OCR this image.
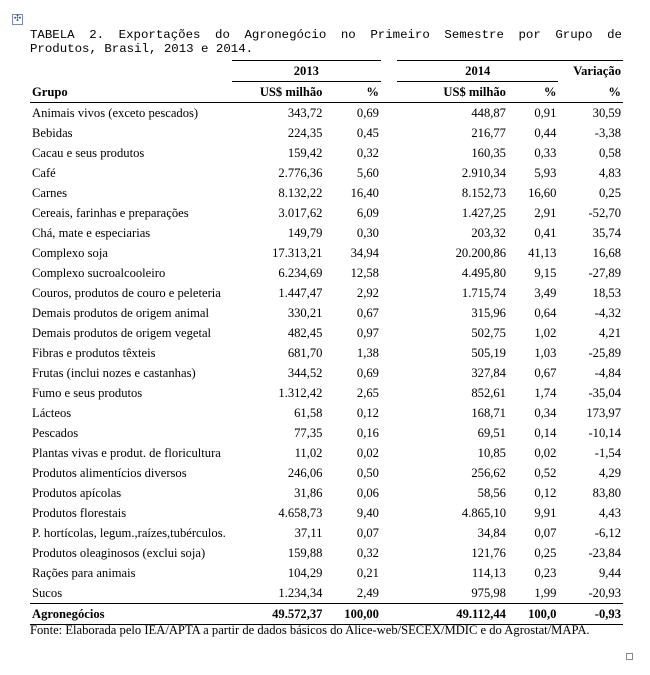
✣

TABELA 2. Exportações do Agronegócio no Primeiro Semestre por Grupo de Produtos, Brasil, 2013 e 2014.

	2013			2014		Variação
Grupo	US$ milhão	%		US$ milhão	%	%
Animais vivos (exceto pescados)	343,72	0,69		448,87	0,91	30,59
Bebidas	224,35	0,45		216,77	0,44	-3,38
Cacau e seus produtos	159,42	0,32		160,35	0,33	0,58
Café	2.776,36	5,60		2.910,34	5,93	4,83
Carnes	8.132,22	16,40		8.152,73	16,60	0,25
Cereais, farinhas e preparações	3.017,62	6,09		1.427,25	2,91	-52,70
Chá, mate e especiarias	149,79	0,30		203,32	0,41	35,74
Complexo soja	17.313,21	34,94		20.200,86	41,13	16,68
Complexo sucroalcooleiro	6.234,69	12,58		4.495,80	9,15	-27,89
Couros, produtos de couro e peleteria	1.447,47	2,92		1.715,74	3,49	18,53
Demais produtos de origem animal	330,21	0,67		315,96	0,64	-4,32
Demais produtos de origem vegetal	482,45	0,97		502,75	1,02	4,21
Fibras e produtos têxteis	681,70	1,38		505,19	1,03	-25,89
Frutas (inclui nozes e castanhas)	344,52	0,69		327,84	0,67	-4,84
Fumo e seus produtos	1.312,42	2,65		852,61	1,74	-35,04
Lácteos	61,58	0,12		168,71	0,34	173,97
Pescados	77,35	0,16		69,51	0,14	-10,14
Plantas vivas e produt. de floricultura	11,02	0,02		10,85	0,02	-1,54
Produtos alimentícios diversos	246,06	0,50		256,62	0,52	4,29
Produtos apícolas	31,86	0,06		58,56	0,12	83,80
Produtos florestais	4.658,73	9,40		4.865,10	9,91	4,43
P. hortícolas, legum.,raízes,tubérculos.	37,11	0,07		34,84	0,07	-6,12
Produtos oleaginosos (exclui soja)	159,88	0,32		121,76	0,25	-23,84
Rações para animais	104,29	0,21		114,13	0,23	9,44
Sucos	1.234,34	2,49		975,98	1,99	-20,93
Agronegócios	49.572,37	100,00		49.112,44	100,0	-0,93

Fonte: Elaborada pelo IEA/APTA a partir de dados básicos do Alice-web/SECEX/MDIC e do Agrostat/MAPA.
